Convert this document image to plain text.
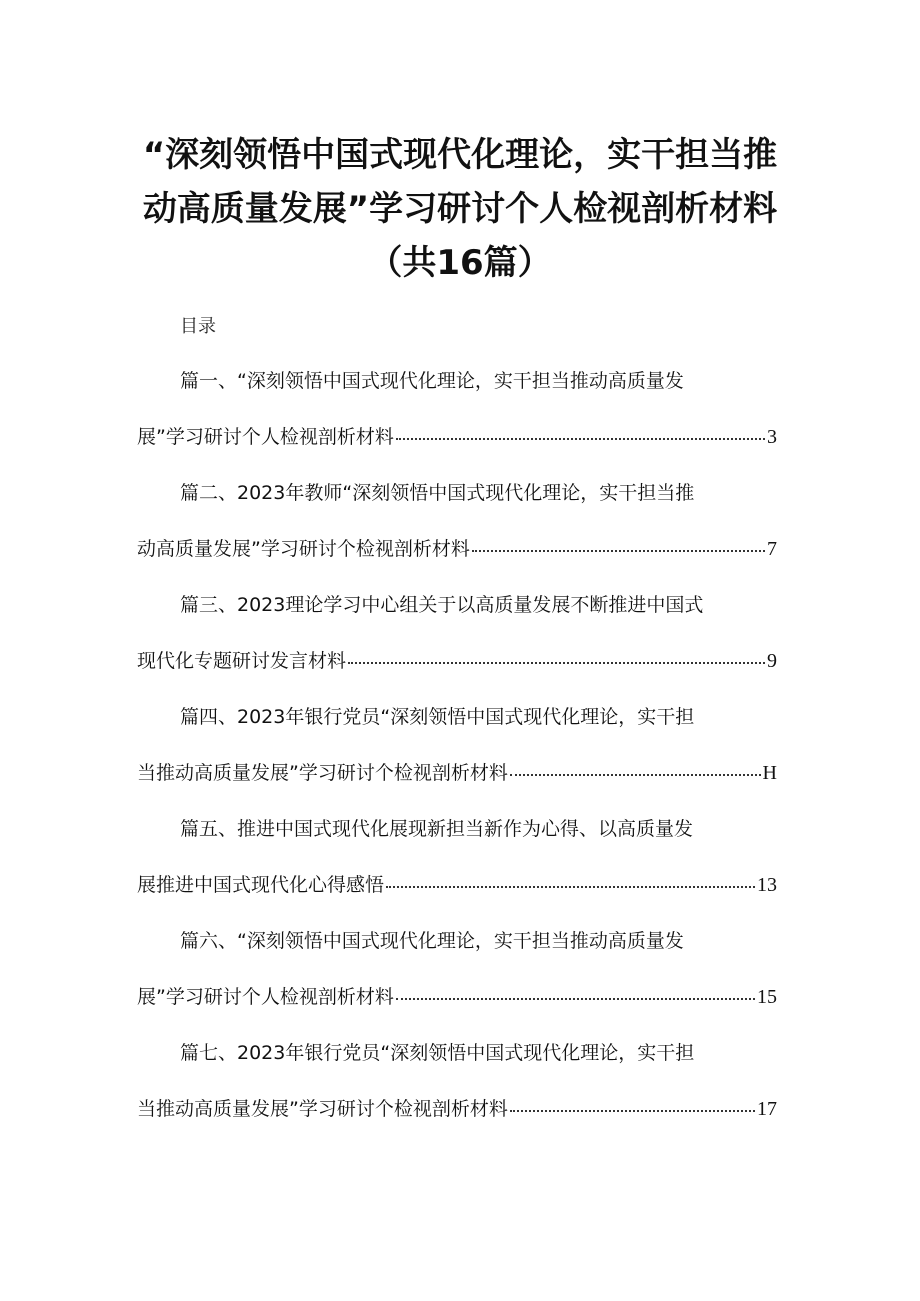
“深刻领悟中国式现代化理论，实干担当推
动高质量发展”学习研讨个人检视剖析材料
（共16篇）
目录
篇一、“深刻领悟中国式现代化理论，实干担当推动高质量发
展”学习研讨个人检视剖析材料	3
篇二、2023年教师“深刻领悟中国式现代化理论，实干担当推
动高质量发展”学习研讨个检视剖析材料	7
篇三、2023理论学习中心组关于以高质量发展不断推进中国式
现代化专题研讨发言材料	9
篇四、2023年银行党员“深刻领悟中国式现代化理论，实干担
当推动高质量发展”学习研讨个检视剖析材料	H
篇五、推进中国式现代化展现新担当新作为心得、以高质量发
展推进中国式现代化心得感悟	13
篇六、“深刻领悟中国式现代化理论，实干担当推动高质量发
展”学习研讨个人检视剖析材料	15
篇七、2023年银行党员“深刻领悟中国式现代化理论，实干担
当推动高质量发展”学习研讨个检视剖析材料	17
